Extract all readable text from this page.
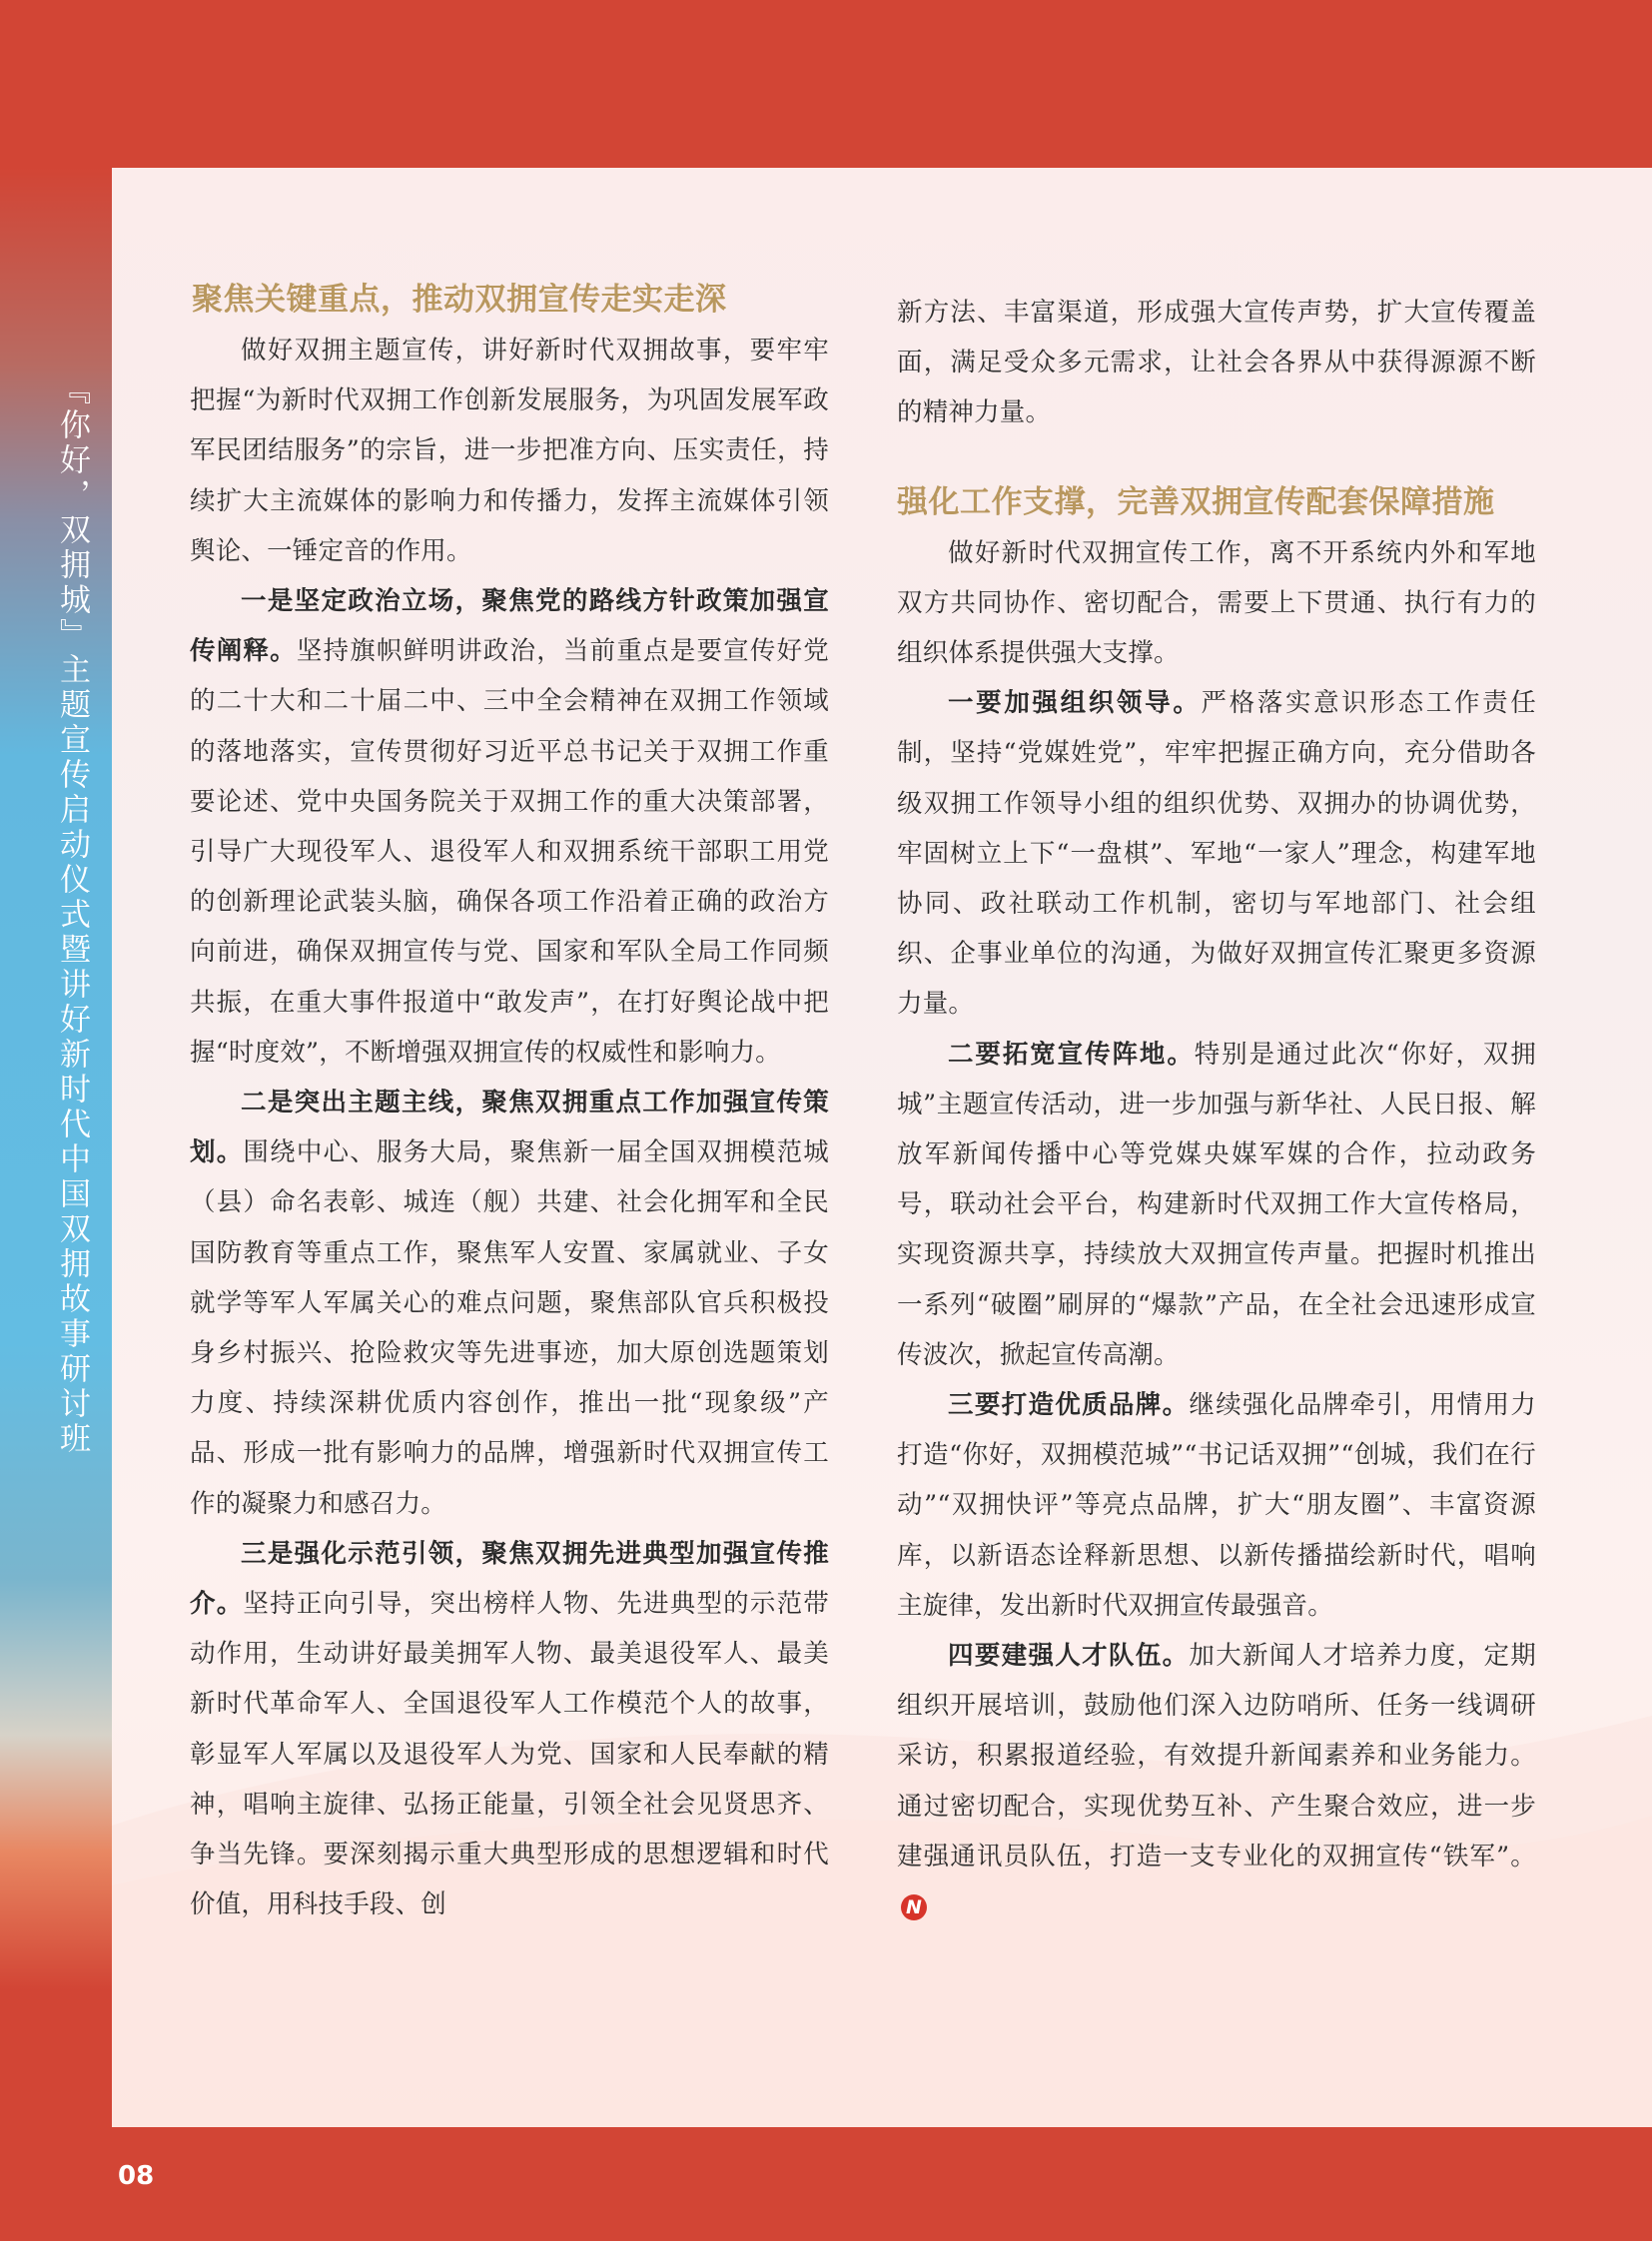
『你好，双拥城』主题宣传启动仪式暨讲好新时代中国双拥故事研讨班
聚焦关键重点，推动双拥宣传走实走深

做好双拥主题宣传，讲好新时代双拥故事，要牢牢把握“为新时代双拥工作创新发展服务，为巩固发展军政军民团结服务”的宗旨，进一步把准方向、压实责任，持续扩大主流媒体的影响力和传播力，发挥主流媒体引领舆论、一锤定音的作用。

一是坚定政治立场，聚焦党的路线方针政策加强宣传阐释。坚持旗帜鲜明讲政治，当前重点是要宣传好党的二十大和二十届二中、三中全会精神在双拥工作领域的落地落实，宣传贯彻好习近平总书记关于双拥工作重要论述、党中央国务院关于双拥工作的重大决策部署，引导广大现役军人、退役军人和双拥系统干部职工用党的创新理论武装头脑，确保各项工作沿着正确的政治方向前进，确保双拥宣传与党、国家和军队全局工作同频共振，在重大事件报道中“敢发声”，在打好舆论战中把握“时度效”，不断增强双拥宣传的权威性和影响力。

二是突出主题主线，聚焦双拥重点工作加强宣传策划。围绕中心、服务大局，聚焦新一届全国双拥模范城（县）命名表彰、城连（舰）共建、社会化拥军和全民国防教育等重点工作，聚焦军人安置、家属就业、子女就学等军人军属关心的难点问题，聚焦部队官兵积极投身乡村振兴、抢险救灾等先进事迹，加大原创选题策划力度、持续深耕优质内容创作，推出一批“现象级”产品、形成一批有影响力的品牌，增强新时代双拥宣传工作的凝聚力和感召力。

三是强化示范引领，聚焦双拥先进典型加强宣传推介。坚持正向引导，突出榜样人物、先进典型的示范带动作用，生动讲好最美拥军人物、最美退役军人、最美新时代革命军人、全国退役军人工作模范个人的故事，彰显军人军属以及退役军人为党、国家和人民奉献的精神，唱响主旋律、弘扬正能量，引领全社会见贤思齐、争当先锋。要深刻揭示重大典型形成的思想逻辑和时代价值，用科技手段、创

新方法、丰富渠道，形成强大宣传声势，扩大宣传覆盖面，满足受众多元需求，让社会各界从中获得源源不断的精神力量。

强化工作支撑，完善双拥宣传配套保障措施

做好新时代双拥宣传工作，离不开系统内外和军地双方共同协作、密切配合，需要上下贯通、执行有力的组织体系提供强大支撑。

一要加强组织领导。严格落实意识形态工作责任制，坚持“党媒姓党”，牢牢把握正确方向，充分借助各级双拥工作领导小组的组织优势、双拥办的协调优势，牢固树立上下“一盘棋”、军地“一家人”理念，构建军地协同、政社联动工作机制，密切与军地部门、社会组织、企事业单位的沟通，为做好双拥宣传汇聚更多资源力量。

二要拓宽宣传阵地。特别是通过此次“你好，双拥城”主题宣传活动，进一步加强与新华社、人民日报、解放军新闻传播中心等党媒央媒军媒的合作，拉动政务号，联动社会平台，构建新时代双拥工作大宣传格局，实现资源共享，持续放大双拥宣传声量。把握时机推出一系列“破圈”刷屏的“爆款”产品，在全社会迅速形成宣传波次，掀起宣传高潮。

三要打造优质品牌。继续强化品牌牵引，用情用力打造“你好，双拥模范城”“书记话双拥”“创城，我们在行动”“双拥快评”等亮点品牌，扩大“朋友圈”、丰富资源库，以新语态诠释新思想、以新传播描绘新时代，唱响主旋律，发出新时代双拥宣传最强音。

四要建强人才队伍。加大新闻人才培养力度，定期组织开展培训，鼓励他们深入边防哨所、任务一线调研采访，积累报道经验，有效提升新闻素养和业务能力。通过密切配合，实现优势互补、产生聚合效应，进一步建强通讯员队伍，打造一支专业化的双拥宣传“铁军”。N

08
